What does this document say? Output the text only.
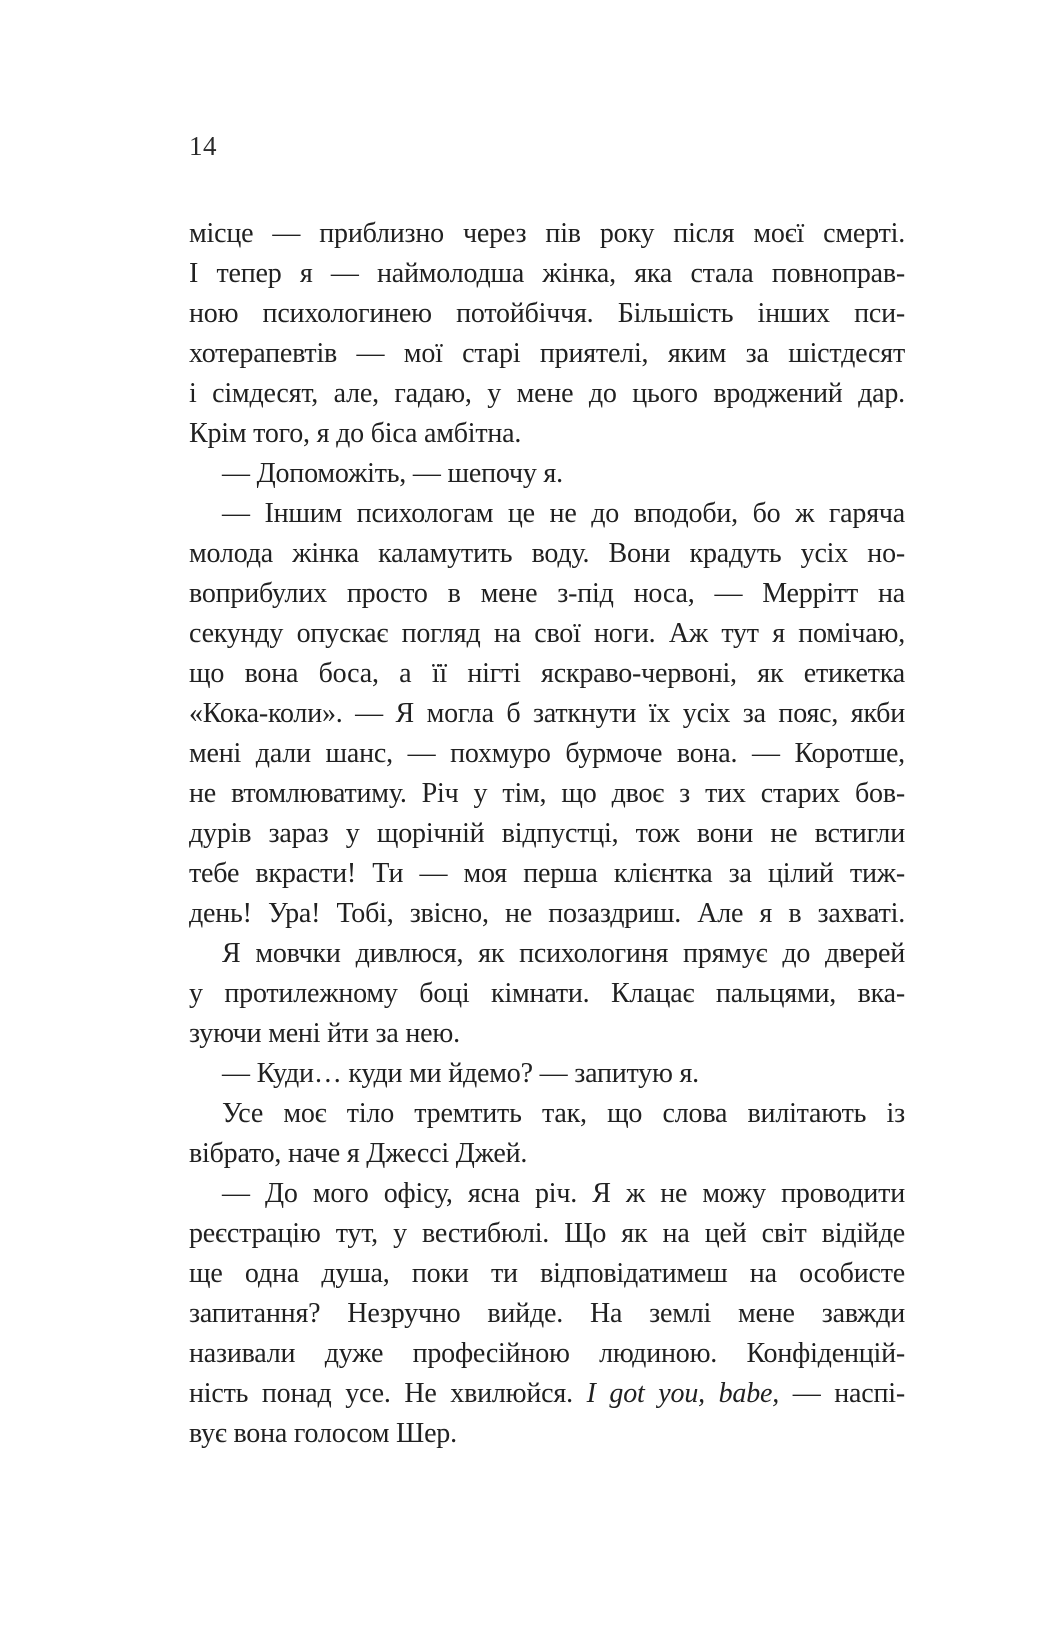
14
місце — приблизно через пів року після моєї смерті.
І тепер я — наймолодша жінка, яка стала повноправ-
ною психологинею потойбіччя. Більшість інших пси-
хотерапевтів — мої старі приятелі, яким за шістдесят
і сімдесят, але, гадаю, у мене до цього вроджений дар.
Крім того, я до біса амбітна.
— Допоможіть, — шепочу я.
— Іншим психологам це не до вподоби, бо ж гаряча
молода жінка каламутить воду. Вони крадуть усіх но-
воприбулих просто в мене з-під носа, — Меррітт на
секунду опускає погляд на свої ноги. Аж тут я помічаю,
що вона боса, а її нігті яскраво-червоні, як етикетка
«Кока-коли». — Я могла б заткнути їх усіх за пояс, якби
мені дали шанс, — похмуро бурмоче вона. — Коротше,
не втомлюватиму. Річ у тім, що двоє з тих старих бов-
дурів зараз у щорічній відпустці, тож вони не встигли
тебе вкрасти! Ти — моя перша клієнтка за цілий тиж-
день! Ура! Тобі, звісно, не позаздриш. Але я в захваті.
Я мовчки дивлюся, як психологиня прямує до дверей
у протилежному боці кімнати. Клацає пальцями, вка-
зуючи мені йти за нею.
— Куди… куди ми йдемо? — запитую я.
Усе моє тіло тремтить так, що слова вилітають із
вібрато, наче я Джессі Джей.
— До мого офісу, ясна річ. Я ж не можу проводити
реєстрацію тут, у вестибюлі. Що як на цей світ відійде
ще одна душа, поки ти відповідатимеш на особисте
запитання? Незручно вийде. На землі мене завжди
називали дуже професійною людиною. Конфіденцій-
ність понад усе. Не хвилюйся. I got you, babe, — наспі-
вує вона голосом Шер.
